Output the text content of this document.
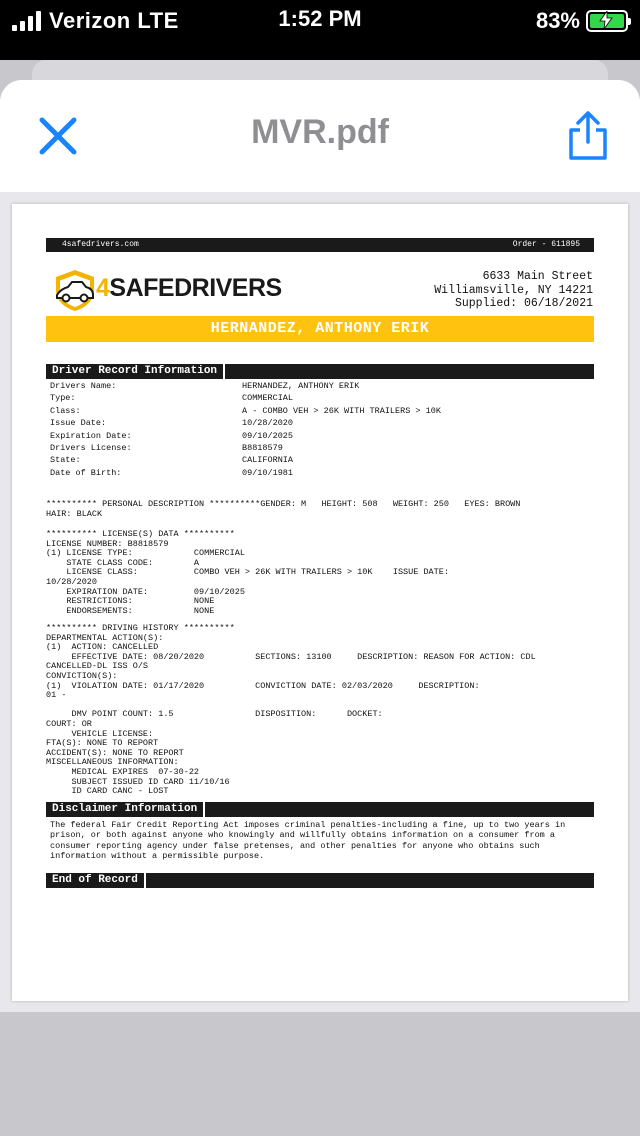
Verizon LTE	1:52 PM	83%
MVR.pdf
4safedrivers.com	Order - 611895
4SAFEDRIVERS	6633 Main Street
Williamsville, NY 14221
Supplied: 06/18/2021
HERNANDEZ, ANTHONY ERIK
Driver Record Information
Drivers Name:	HERNANDEZ, ANTHONY ERIK
Type:	COMMERCIAL
Class:	A - COMBO VEH > 26K WITH TRAILERS > 10K
Issue Date:	10/28/2020
Expiration Date:	09/10/2025
Drivers License:	B8818579
State:	CALIFORNIA
Date of Birth:	09/10/1981
********** PERSONAL DESCRIPTION **********GENDER: M   HEIGHT: 508   WEIGHT: 250   EYES: BROWN
HAIR: BLACK
********** LICENSE(S) DATA **********
LICENSE NUMBER: B8818579
(1) LICENSE TYPE:            COMMERCIAL
STATE CLASS CODE:        A
LICENSE CLASS:           COMBO VEH > 26K WITH TRAILERS > 10K    ISSUE DATE:
10/28/2020
EXPIRATION DATE:         09/10/2025
RESTRICTIONS:            NONE
ENDORSEMENTS:            NONE
********** DRIVING HISTORY **********
DEPARTMENTAL ACTION(S):
(1)  ACTION: CANCELLED
EFFECTIVE DATE: 08/20/2020          SECTIONS: 13100     DESCRIPTION: REASON FOR ACTION: CDL
CANCELLED-DL ISS O/S
CONVICTION(S):
(1)  VIOLATION DATE: 01/17/2020          CONVICTION DATE: 02/03/2020     DESCRIPTION:
01 -
DMV POINT COUNT: 1.5                DISPOSITION:      DOCKET:
COURT: OR
VEHICLE LICENSE:
FTA(S): NONE TO REPORT
ACCIDENT(S): NONE TO REPORT
MISCELLANEOUS INFORMATION:
MEDICAL EXPIRES  07-30-22
SUBJECT ISSUED ID CARD 11/10/16
ID CARD CANC - LOST
Disclaimer Information
The federal Fair Credit Reporting Act imposes criminal penalties-including a fine, up to two years in prison, or both against anyone who knowingly and willfully obtains information on a consumer from a consumer reporting agency under false pretenses, and other penalties for anyone who obtains such information without a permissible purpose.
End of Record
